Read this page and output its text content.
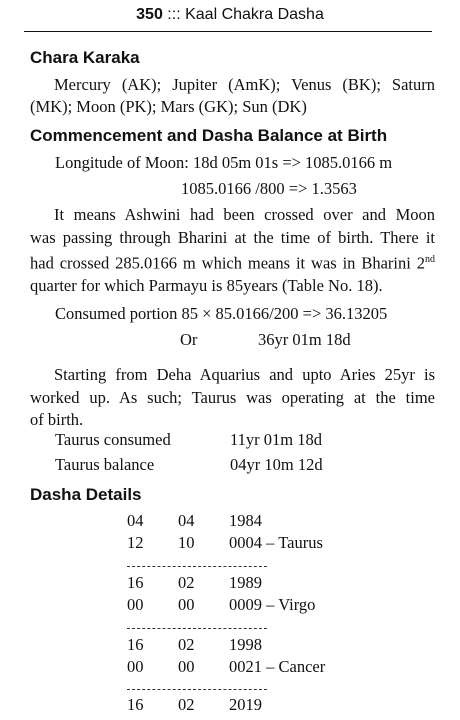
350 ::: Kaal Chakra Dasha
Chara Karaka

Mercury (AK); Jupiter (AmK); Venus (BK); Saturn

(MK); Moon (PK); Mars (GK); Sun (DK)

Commencement and Dasha Balance at Birth
Longitude of Moon: 18d 05m 01s => 1085.0166 m
1085.0166 /800 => 1.3563
It means Ashwini had been crossed over and Moon
was passing through Bharini at the time of birth. There it
had crossed 285.0166 m which means it was in Bharini 2nd
quarter for which Parmayu is 85years (Table No. 18).
Consumed portion 85 × 85.0166/200 => 36.13205
Or	36yr 01m 18d
Starting from Deha Aquarius and upto Aries 25yr is
worked up. As such; Taurus was operating at the time
of birth.
Taurus consumed	11yr 01m 18d
Taurus balance	04yr 10m 12d
Dasha Details
04 04 1984
12 10 0004 – Taurus
16 02 1989
00 00 0009 – Virgo
16 02 1998
00 00 0021 – Cancer
16 02 2019
